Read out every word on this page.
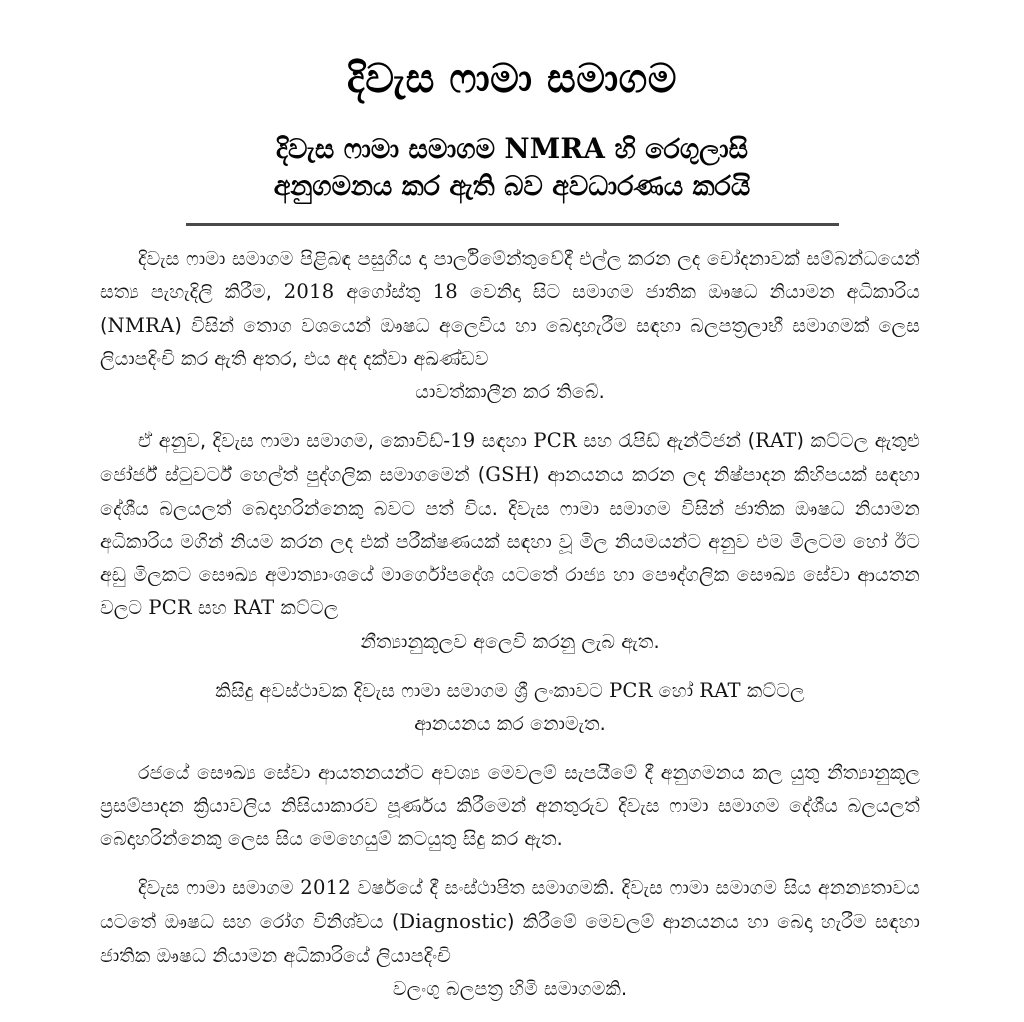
දිවැස ෆාමා සමාගම
දිවැස ෆාමා සමාගම NMRA හි රෙගුලාසි
අනුගමනය කර ඇති බව අවධාරණය කරයි

දිවැස ෆාමා සමාගම පිළිබඳ පසුගිය දා පාර්ලිමේන්තුවේදී එල්ල කරන ලද චෝදනාවක් සම්බන්ධයෙන් සත්‍ය පැහැදිලි කිරීම, 2018 අගෝස්තු 18 වෙනිදා සිට සමාගම ජාතික ඖෂධ නියාමන අධිකාරිය (NMRA) විසින් තොග වශයෙන් ඖෂධ අලෙවිය හා බෙදාහැරීම සඳහා බලපත්‍රලාභී සමාගමක් ලෙස ලියාපදිංචි කර ඇති අතර, එය අද දක්වා අඛණ්ඩව
යාවත්කාලීන කර තිබේ.

ඒ අනුව, දිවැස ෆාමා සමාගම, කොවිඩ්-19 සඳහා PCR සහ රැපිඩ් ඇන්ටිජන් (RAT) කට්ටල ඇතුළු ජෝර්ජ් ස්ටුවර්ට් හෙල්ත් පුද්ගලික සමාගමෙන් (GSH) ආනයනය කරන ලද නිෂ්පාදන කිහිපයක් සඳහා දේශීය බලයලත් බෙදාහරින්නෙකු බවට පත් විය. දිවැස ෆාමා සමාගම විසින් ජාතික ඖෂධ නියාමන අධිකාරිය මගින් නියම කරන ලද එක් පරීක්ෂණයක් සඳහා වූ මිල නියමයන්ට අනුව එම මිලටම හෝ ඊට අඩු මිලකට සෞඛ්‍ය අමාත්‍යාංශයේ මාර්ගෝපදේශ යටතේ රාජ්‍ය හා පෞද්ගලික සෞඛ්‍ය සේවා ආයතන වලට PCR සහ RAT කට්ටල
නීත්‍යානුකූලව අලෙවි කරනු ලැබ ඇත.

කිසිදු අවස්ථාවක දිවැස ෆාමා සමාගම ශ්‍රී ලංකාවට PCR හෝ RAT කට්ටල
ආනයනය කර නොමැත.

රජයේ සෞඛ්‍ය සේවා ආයතනයන්ට අවශ්‍ය මෙවලම් සැපයීමේ දී අනුගමනය කල යුතු නීත්‍යානුකූල ප්‍රසම්පාදන ක්‍රියාවලිය නිසියාකාරව පූර්ණය කිරීමෙන් අනතුරුව දිවැස ෆාමා සමාගම දේශීය බලයලත් බෙදාහරින්නෙකු ලෙස සිය මෙහෙයුම් කටයුතු සිදු කර ඇත.

දිවැස ෆාමා සමාගම 2012 වර්ෂයේ දී සංස්ථාපිත සමාගමකි. දිවැස ෆාමා සමාගම සිය අනන්‍යතාවය යටතේ ඖෂධ සහ රෝග විනිශ්චය (Diagnostic) කිරීමේ මෙවලම් ආනයනය හා බෙදා හැරීම සඳහා ජාතික ඖෂධ නියාමන අධිකාරියේ ලියාපදිංචි
වලංගු බලපත්‍ර හිමි සමාගමකි.
